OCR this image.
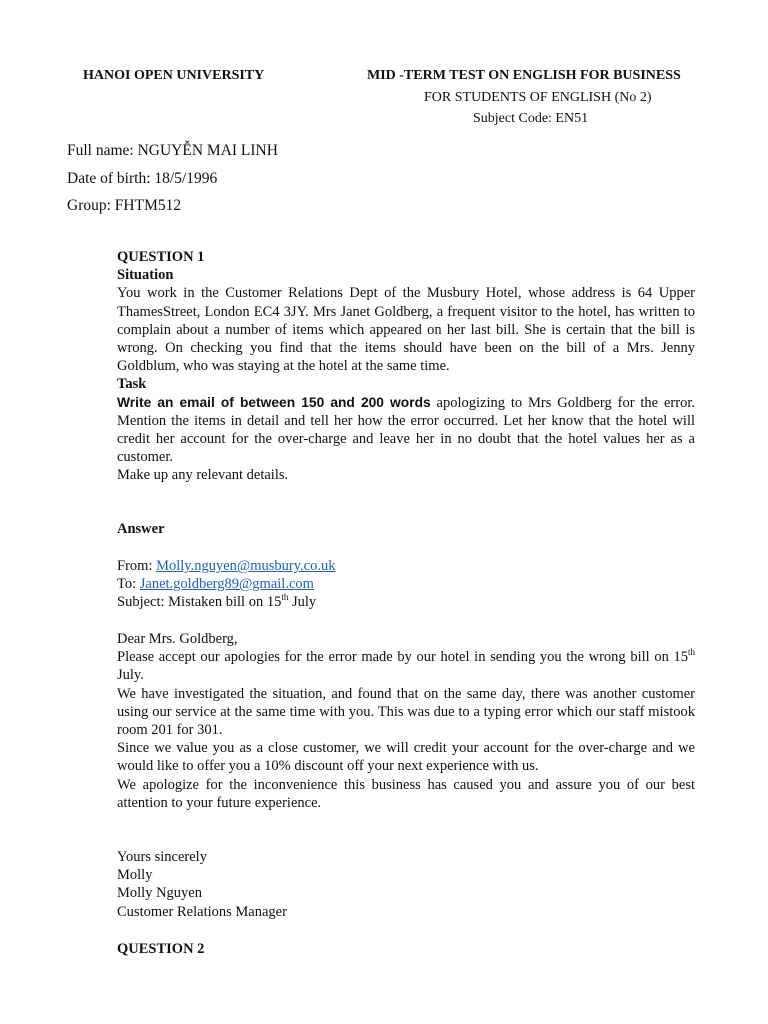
HANOI OPEN UNIVERSITY	MID -TERM TEST ON ENGLISH FOR BUSINESS
FOR STUDENTS OF ENGLISH (No 2)
Subject Code: EN51
Full name: NGUYỄN MAI LINH
Date of birth: 18/5/1996
Group: FHTM512
QUESTION 1
Situation
You work in the Customer Relations Dept of the Musbury Hotel, whose address is 64 Upper ThamesStreet, London EC4 3JY. Mrs Janet Goldberg, a frequent visitor to the hotel, has written to complain about a number of items which appeared on her last bill. She is certain that the bill is wrong. On checking you find that the items should have been on the bill of a Mrs. Jenny Goldblum, who was staying at the hotel at the same time.
Task
Write an email of between 150 and 200 words apologizing to Mrs Goldberg for the error. Mention the items in detail and tell her how the error occurred. Let her know that the hotel will credit her account for the over-charge and leave her in no doubt that the hotel values her as a customer.
Make up any relevant details.
Answer
From: Molly.nguyen@musbury.co.uk
To: Janet.goldberg89@gmail.com
Subject: Mistaken bill on 15th July
Dear Mrs. Goldberg,
Please accept our apologies for the error made by our hotel in sending you the wrong bill on 15th July.
We have investigated the situation, and found that on the same day, there was another customer using our service at the same time with you. This was due to a typing error which our staff mistook room 201 for 301.
Since we value you as a close customer, we will credit your account for the over-charge and we would like to offer you a 10% discount off your next experience with us.
We apologize for the inconvenience this business has caused you and assure you of our best attention to your future experience.
Yours sincerely
Molly
Molly Nguyen
Customer Relations Manager
QUESTION 2
